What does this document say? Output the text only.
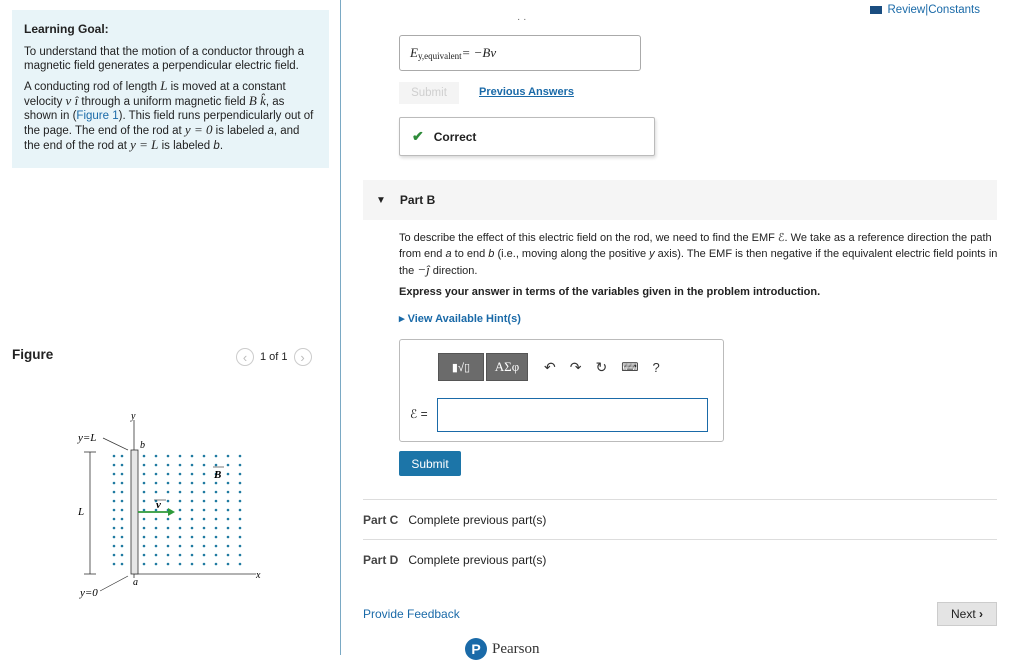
Learning Goal:

To understand that the motion of a conductor through a magnetic field generates a perpendicular electric field.

A conducting rod of length L is moved at a constant velocity v î through a uniform magnetic field B k̂, as shown in (Figure 1). This field runs perpendicularly out of the page. The end of the rod at y = 0 is labeled a, and the end of the rod at y = L is labeled b.

Figure	‹	1 of 1 ›
L
y=L
y=0
y
x
b
a
v
B
Review | Constants
· ·
E y,equivalent = −Bv
Submit	Previous Answers
✔ Correct
▼ Part B
To describe the effect of this electric field on the rod, we need to find the EMF ℰ. We take as a reference direction the path from end a to end b (i.e., moving along the positive y axis). The EMF is then negative if the equivalent electric field points in the −ĵ direction.
Express your answer in terms of the variables given in the problem introduction.
▸ View Available Hint(s)
▮√▯	ΑΣφ	↶ ↷ ↻ ⌨ ?
ℰ =
Submit
Part C Complete previous part(s)
Part D Complete previous part(s)
Provide Feedback	Next
›
P Pearson
